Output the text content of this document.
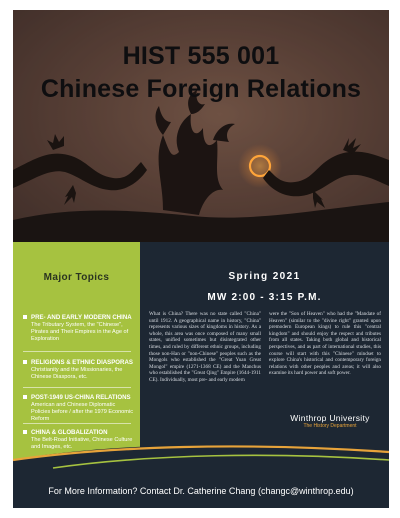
HIST 555 001
Chinese Foreign Relations
Major Topics
PRE- AND EARLY MODERN CHINA
The Tributary System, the "Chinese", Pirates and Their Empires in the Age of Exploration
RELIGIONS & ETHNIC DIASPORAS
Christianity and the Missionaries, the Chinese Diaspora, etc.
POST-1949 US-CHINA RELATIONS
American and Chinese Diplomatic Policies before / after the 1979 Economic Reform
CHINA & GLOBALIZATION
The Belt-Road Initiative, Chinese Culture and Images, etc.
Spring 2021
MW 2:00 - 3:15 P.M.
What is China? There was no state called "China" until 1912. A geographical name in history, "China" represents various sizes of kingdoms in history. As a whole, this area was once composed of many small states, unified sometimes but disintegrated other times, and ruled by different ethnic groups, including those non-Han or "non-Chinese" peoples such as the Mongols who established the "Great Yuan Great Mongol" empire (1271-1368 CE) and the Manchus who established the "Great Qing" Empire (1644-1911 CE). Individually, most pre- and early modern
were the "Son of Heaven" who had the "Mandate of Heaven" (similar to the "divine right" granted upon premodern European kings) to rule this "central kingdom" and should enjoy the respect and tributes from all states. Taking both global and historical perspectives, and as part of international studies, this course will start with this "Chinese" mindset to explore China's historical and contemporary foreign relations with other peoples and areas; it will also examine its hard power and soft power.
Winthrop University
The History Department
For More Information? Contact Dr. Catherine Chang (changc@winthrop.edu)
